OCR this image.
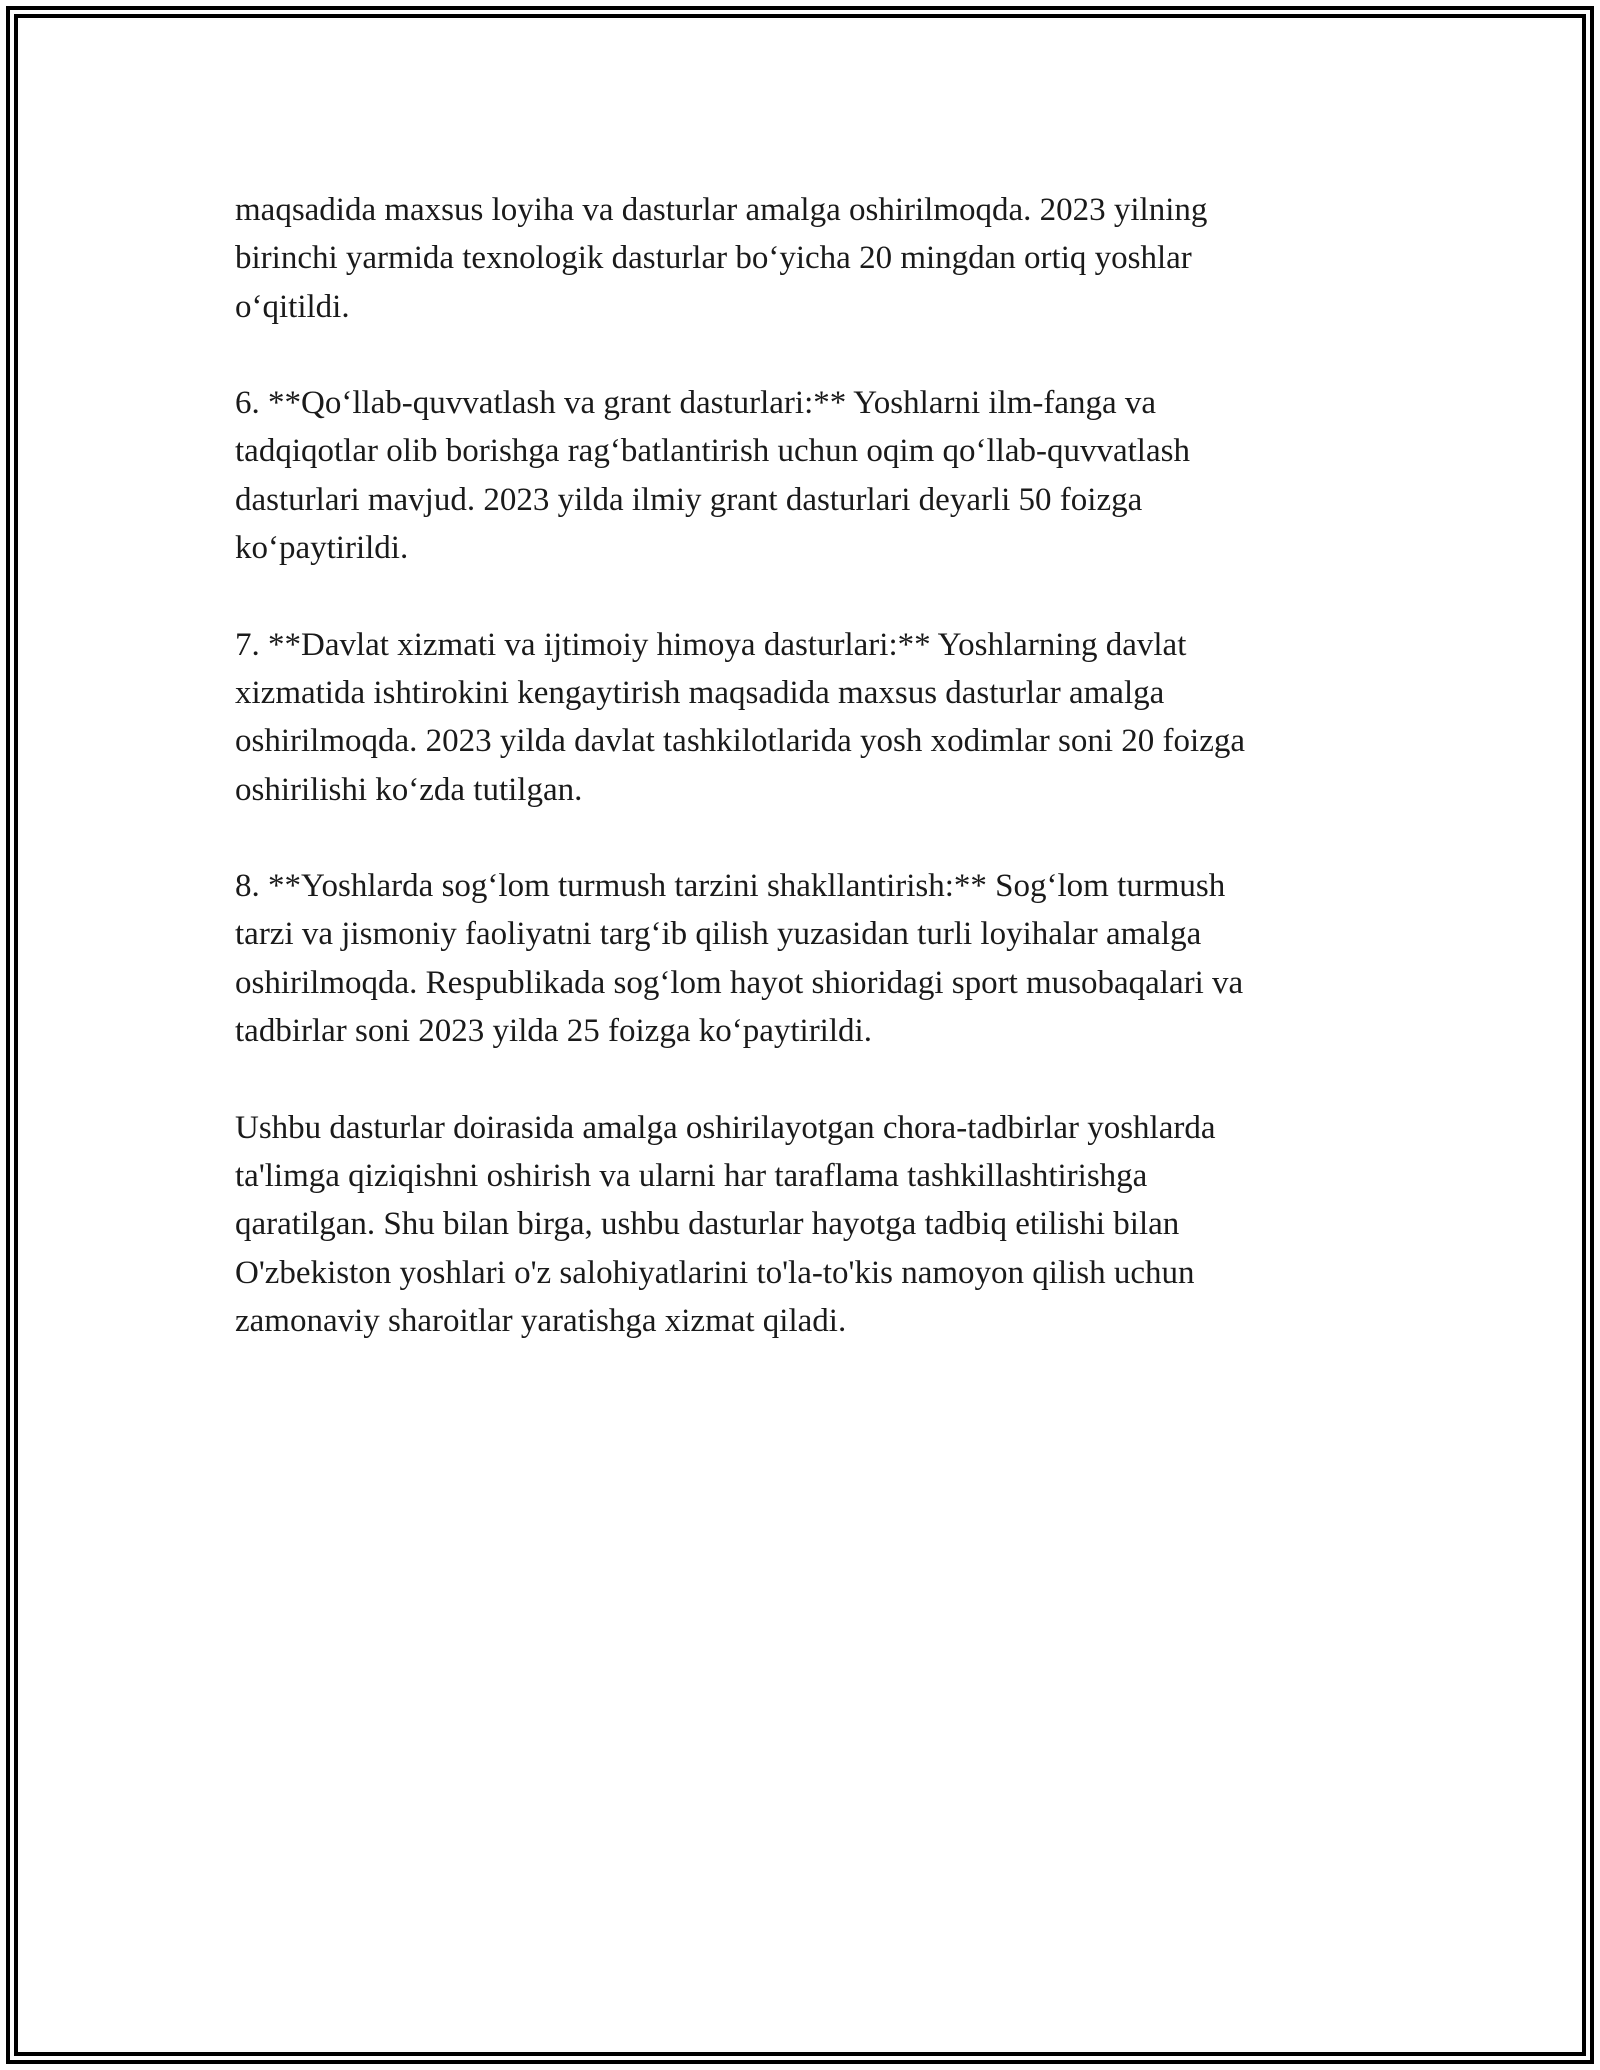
maqsadida maxsus loyiha va dasturlar amalga oshirilmoqda. 2023 yilning
birinchi yarmida texnologik dasturlar bo‘yicha 20 mingdan ortiq yoshlar
o‘qitildi.

6. **Qo‘llab-quvvatlash va grant dasturlari:** Yoshlarni ilm-fanga va
tadqiqotlar olib borishga rag‘batlantirish uchun oqim qo‘llab-quvvatlash
dasturlari mavjud. 2023 yilda ilmiy grant dasturlari deyarli 50 foizga
ko‘paytirildi.

7. **Davlat xizmati va ijtimoiy himoya dasturlari:** Yoshlarning davlat
xizmatida ishtirokini kengaytirish maqsadida maxsus dasturlar amalga
oshirilmoqda. 2023 yilda davlat tashkilotlarida yosh xodimlar soni 20 foizga
oshirilishi ko‘zda tutilgan.

8. **Yoshlarda sog‘lom turmush tarzini shakllantirish:** Sog‘lom turmush
tarzi va jismoniy faoliyatni targ‘ib qilish yuzasidan turli loyihalar amalga
oshirilmoqda. Respublikada sog‘lom hayot shioridagi sport musobaqalari va
tadbirlar soni 2023 yilda 25 foizga ko‘paytirildi.

Ushbu dasturlar doirasida amalga oshirilayotgan chora-tadbirlar yoshlarda
ta'limga qiziqishni oshirish va ularni har taraflama tashkillashtirishga
qaratilgan. Shu bilan birga, ushbu dasturlar hayotga tadbiq etilishi bilan
O'zbekiston yoshlari o'z salohiyatlarini to'la-to'kis namoyon qilish uchun
zamonaviy sharoitlar yaratishga xizmat qiladi.
